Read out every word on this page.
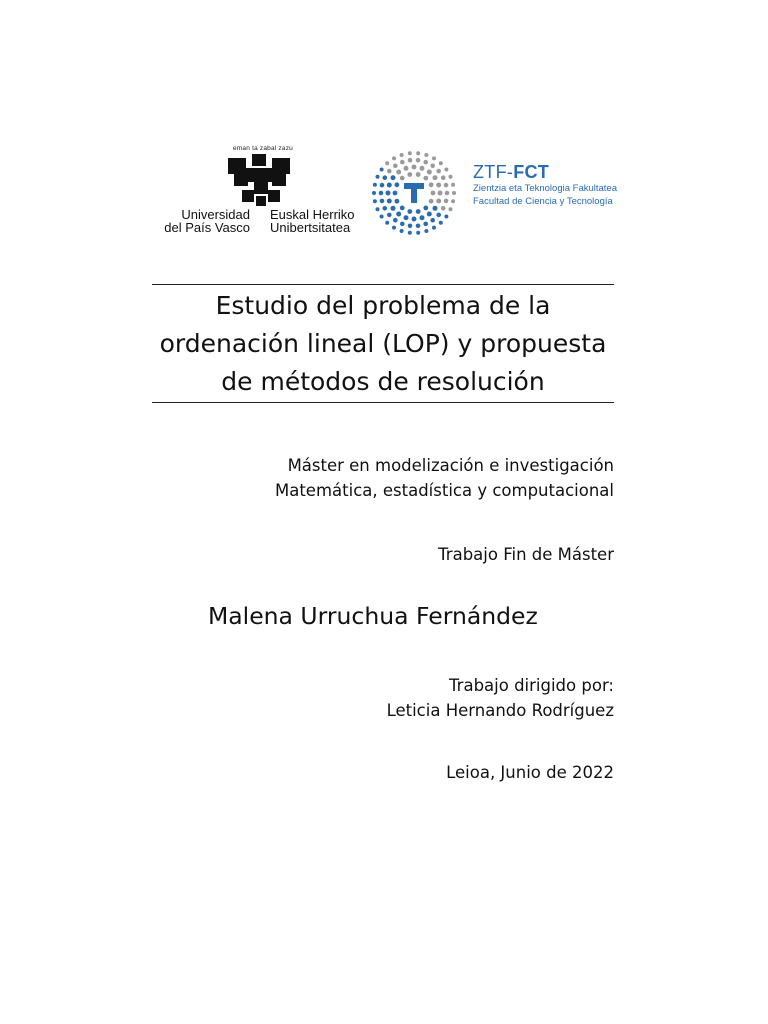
eman ta zabal zazu
Universidad
del País Vasco
Euskal Herriko
Unibertsitatea
ZTF-FCT
Zientzia eta Teknologia Fakultatea
Facultad de Ciencia y Tecnología
Estudio del problema de la
ordenación lineal (LOP) y propuesta
de métodos de resolución
Máster en modelización e investigación
Matemática, estadística y computacional
Trabajo Fin de Máster
Malena Urruchua Fernández
Trabajo dirigido por:
Leticia Hernando Rodríguez
Leioa, Junio de 2022
